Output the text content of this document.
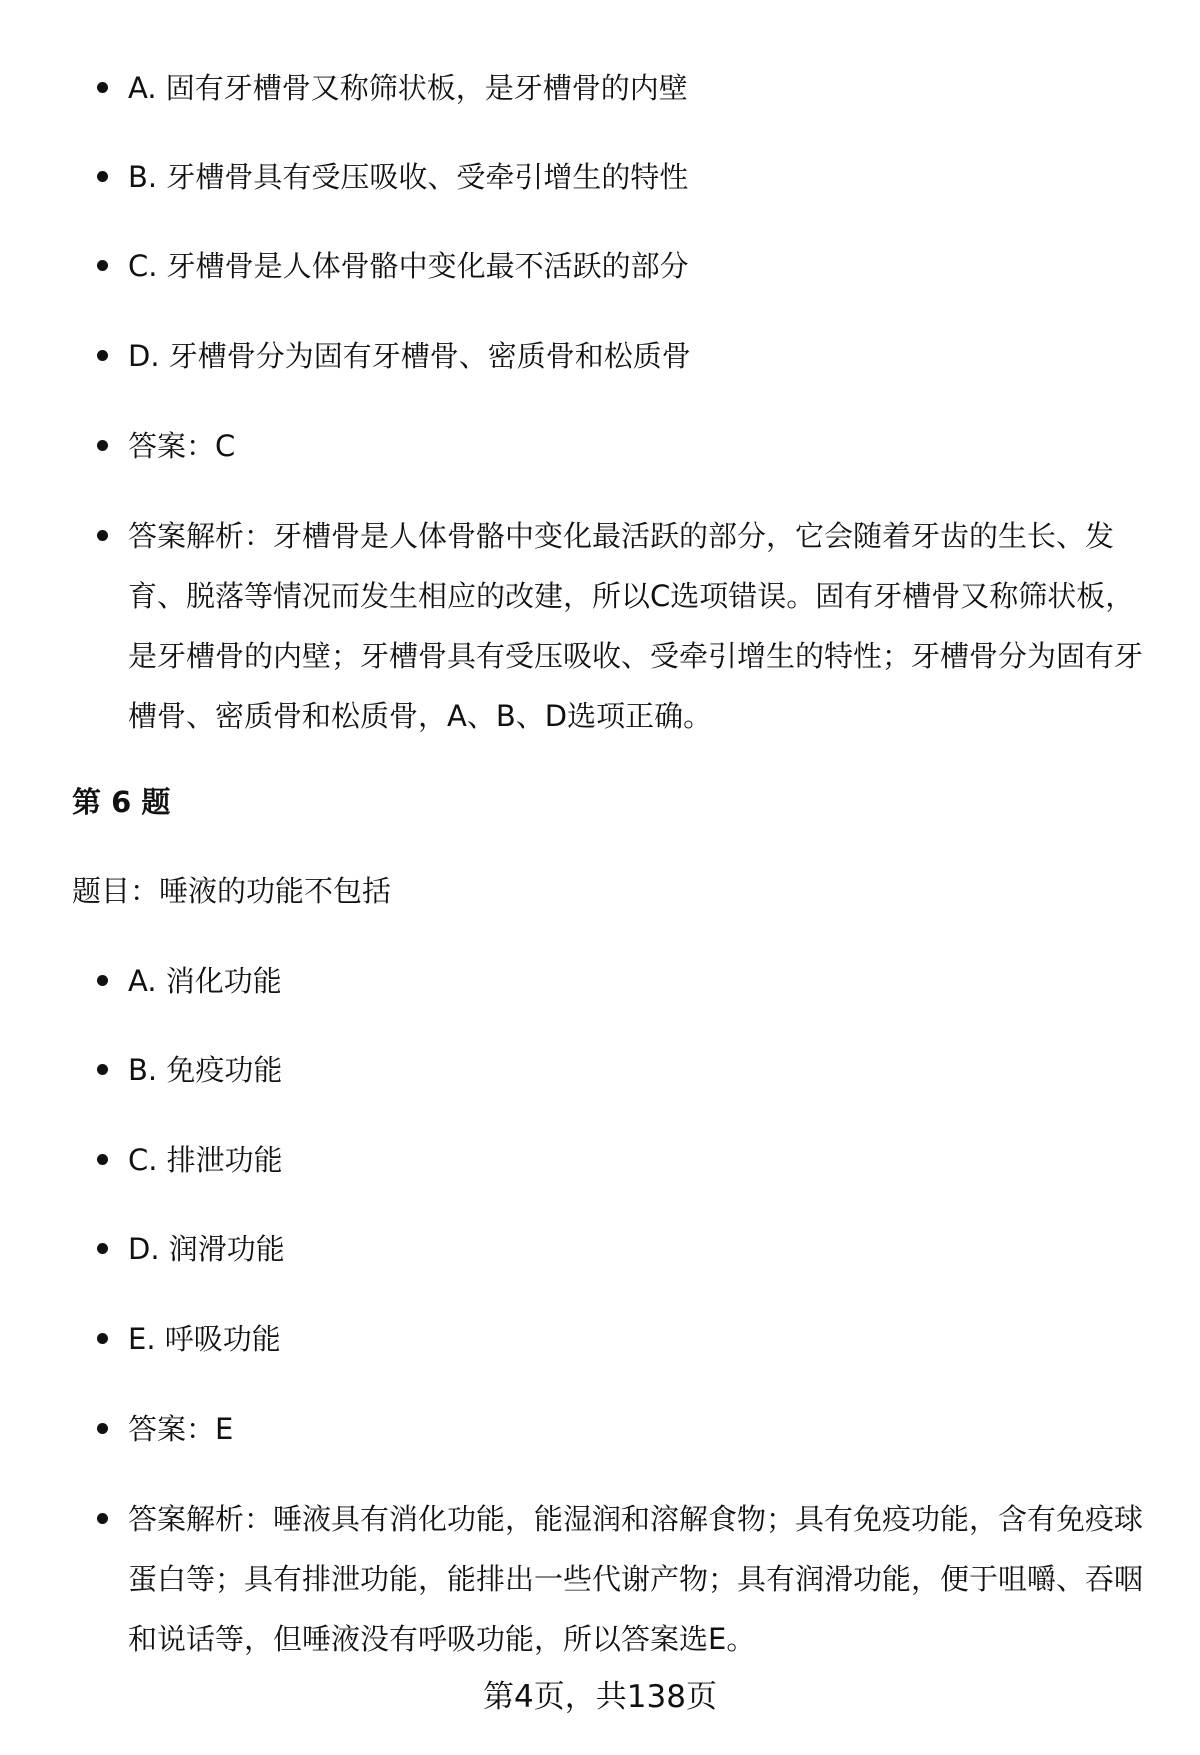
A. 固有牙槽骨又称筛状板，是牙槽骨的内壁
B. 牙槽骨具有受压吸收、受牵引增生的特性
C. 牙槽骨是人体骨骼中变化最不活跃的部分
D. 牙槽骨分为固有牙槽骨、密质骨和松质骨
答案：C
答案解析：牙槽骨是人体骨骼中变化最活跃的部分，它会随着牙齿的生长、发育、脱落等情况而发生相应的改建，所以C选项错误。固有牙槽骨又称筛状板，是牙槽骨的内壁；牙槽骨具有受压吸收、受牵引增生的特性；牙槽骨分为固有牙槽骨、密质骨和松质骨，A、B、D选项正确。
第 6 题
题目：唾液的功能不包括
A. 消化功能
B. 免疫功能
C. 排泄功能
D. 润滑功能
E. 呼吸功能
答案：E
答案解析：唾液具有消化功能，能湿润和溶解食物；具有免疫功能，含有免疫球蛋白等；具有排泄功能，能排出一些代谢产物；具有润滑功能，便于咀嚼、吞咽和说话等，但唾液没有呼吸功能，所以答案选E。
第4页，共138页
